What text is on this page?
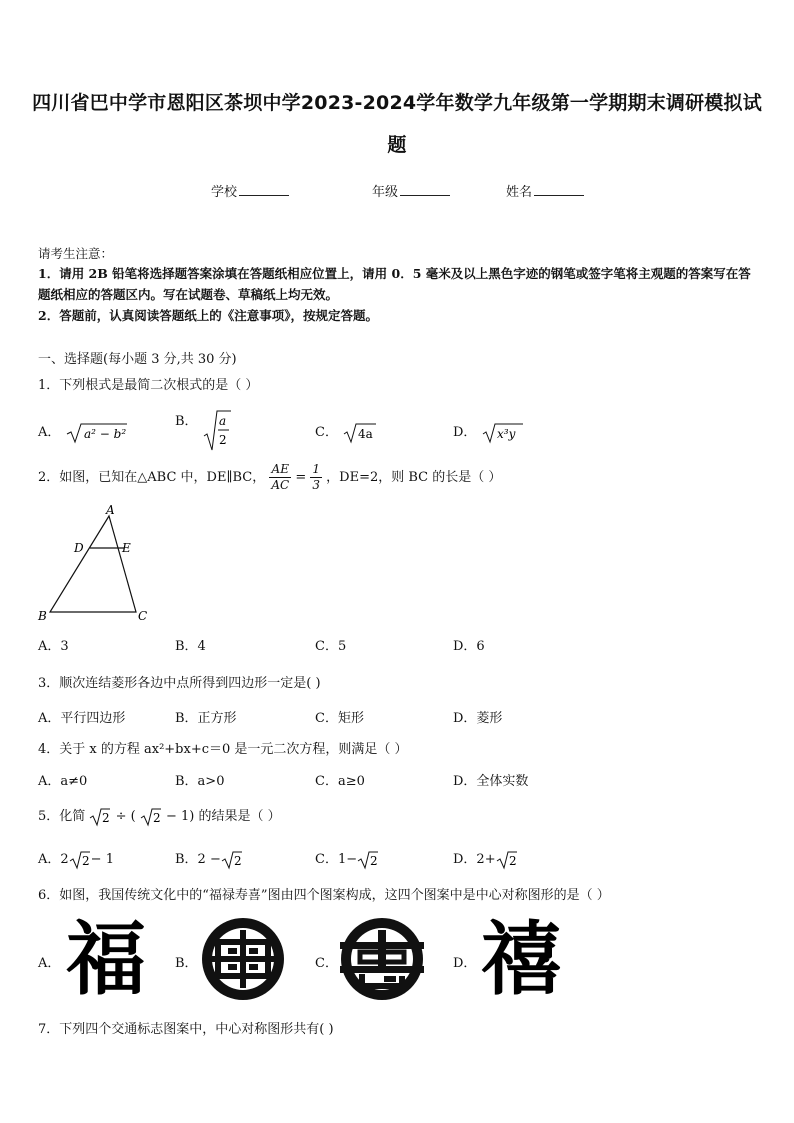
四川省巴中学市恩阳区茶坝中学2023-2024学年数学九年级第一学期期末调研模拟试
题
学校	年级	姓名
请考生注意：
1．请用 2B 铅笔将选择题答案涂填在答题纸相应位置上，请用 0．5 毫米及以上黑色字迹的钢笔或签字笔将主观题的答案写在答题纸相应的答题区内。写在试题卷、草稿纸上均无效。
2．答题前，认真阅读答题纸上的《注意事项》，按规定答题。
一、选择题(每小题 3 分,共 30 分)
1．下列根式是最简二次根式的是（ ）
A． a² − b²
B． a
2	C． 4a	D． x³y
2．如图，已知在△ABC 中，DE∥BC， $\frac{AE}{AC} = \frac{1}{3}$ ，DE=2，则 BC 的长是（ ）
A
D	E
B	C
A．3	B．4	C．5	D．6
3．顺次连结菱形各边中点所得到四边形一定是( )
A．平行四边形	B．正方形	C．矩形	D．菱形
4．关于 x 的方程 ax²+bx+c＝0 是一元二次方程，则满足（ ）
A．a≠0	B．a>0	C．a≥0	D．全体实数
5．化简 2 ÷ ( 2 − 1) 的结果是（ ）
A．2 2 − 1	B．2 − 2	C．1− 2	D．2+ 2
6．如图，我国传统文化中的“福禄寿喜”图由四个图案构成，这四个图案中是中心对称图形的是（ ）
A． 福 B．	禄	C．	寿	D． 禧
7．下列四个交通标志图案中，中心对称图形共有( )
